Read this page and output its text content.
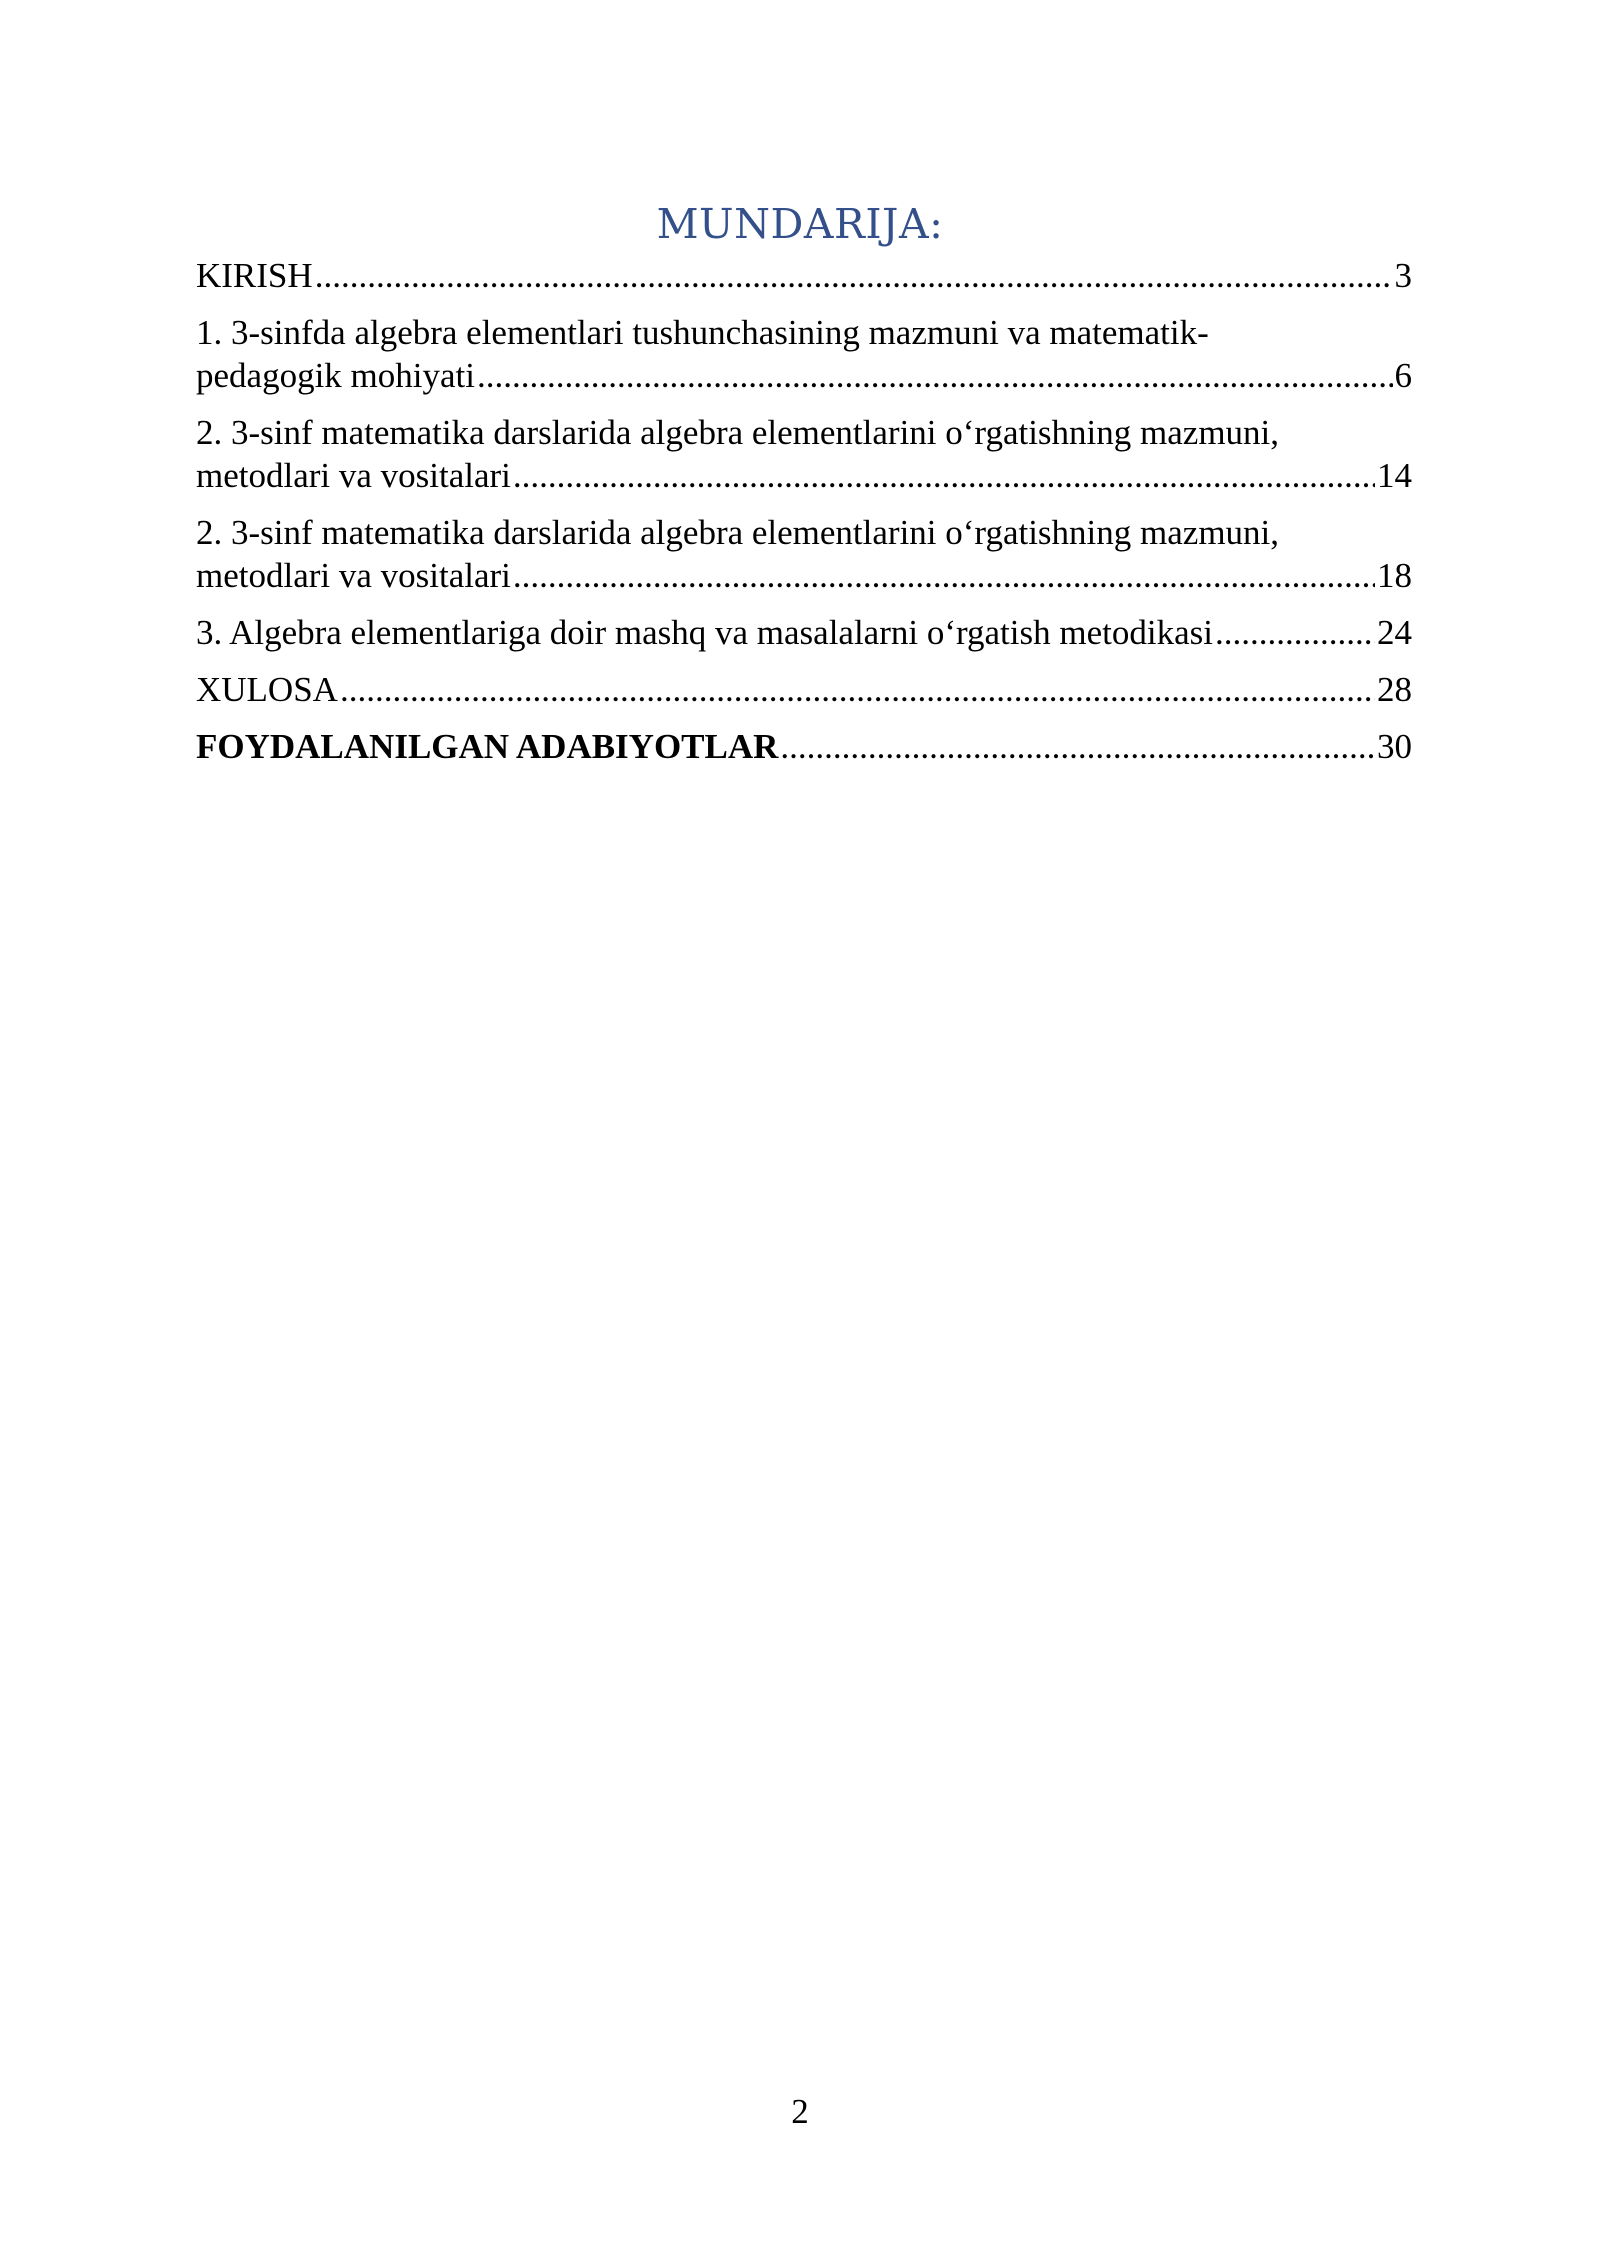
MUNDARIJA:
KIRISH .....	3
1. 3-sinfda algebra elementlari tushunchasining mazmuni va matematik-
pedagogik mohiyati .....	6
2. 3-sinf matematika darslarida algebra elementlarini o‘rgatishning mazmuni,
metodlari va vositalari .....	14
2. 3-sinf matematika darslarida algebra elementlarini o‘rgatishning mazmuni,
metodlari va vositalari .....	18
3. Algebra elementlariga doir mashq va masalalarni o‘rgatish metodikasi .....	24
XULOSA .....	28
FOYDALANILGAN ADABIYOTLAR .....	30
2
